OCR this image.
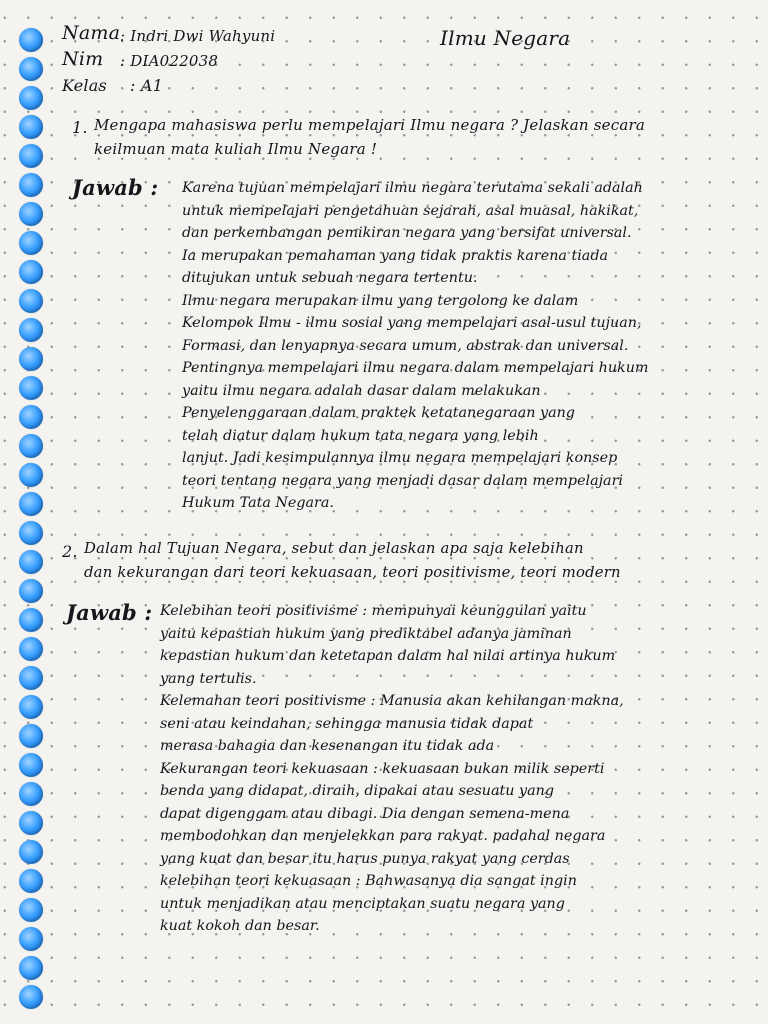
Nama : Indri Dwi Wahyuni
Nim : DIA022038
Kelas : A1
Ilmu Negara
1. Mengapa mahasiswa perlu mempelajari Ilmu negara ? Jelaskan secara
keilmuan mata kuliah Ilmu Negara !
Jawab : Karena tujuan mempelajari ilmu negara terutama sekali adalah
untuk mempelajari pengetahuan sejarah, asal muasal, hakikat,
dan perkembangan pemikiran negara yang bersifat universal.
Ia merupakan pemahaman yang tidak praktis karena tiada
ditujukan untuk sebuah negara tertentu.
Ilmu negara merupakan ilmu yang tergolong ke dalam
Kelompok Ilmu - ilmu sosial yang mempelajari asal-usul tujuan,
Formasi, dan lenyapnya secara umum, abstrak dan universal.
Pentingnya mempelajari ilmu negara dalam mempelajari hukum
yaitu ilmu negara adalah dasar dalam melakukan
Penyelenggaraan dalam praktek ketatanegaraan yang
telah diatur dalam hukum tata negara yang lebih
lanjut. Jadi kesimpulannya ilmu negara mempelajari konsep
teori tentang negara yang menjadi dasar dalam mempelajari
Hukum Tata Negara.
2. Dalam hal Tujuan Negara, sebut dan jelaskan apa saja kelebihan
dan kekurangan dari teori kekuasaan, teori positivisme, teori modern
Jawab : Kelebihan teori positivisme : mempunyai keunggulan yaitu
yaitu kepastian hukum yang prediktabel adanya jaminan
kepastian hukum dan ketetapan dalam hal nilai artinya hukum
yang tertulis.
Kelemahan teori positivisme : Manusia akan kehilangan makna,
seni atau keindahan, sehingga manusia tidak dapat
merasa bahagia dan kesenangan itu tidak ada
Kekurangan teori kekuasaan : kekuasaan bukan milik seperti
benda yang didapat, diraih, dipakai atau sesuatu yang
dapat digenggam atau dibagi. Dia dengan semena-mena
membodohkan dan menjelekkan para rakyat. padahal negara
yang kuat dan besar itu harus punya rakyat yang cerdas
kelebihan teori kekuasaan : Bahwasanya dia sangat ingin
untuk menjadikan atau menciptakan suatu negara yang
kuat kokoh dan besar.
